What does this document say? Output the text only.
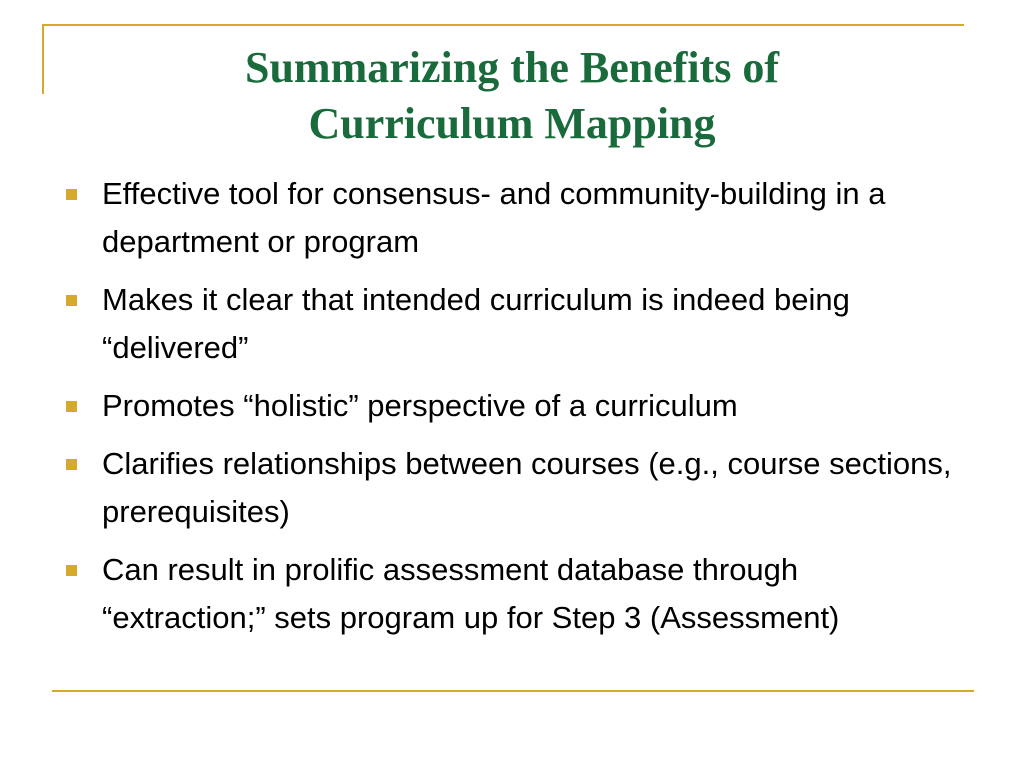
Summarizing the Benefits of
Curriculum Mapping
Effective tool for consensus- and community-building in a department or program
Makes it clear that intended curriculum is indeed being “delivered”
Promotes “holistic” perspective of a curriculum
Clarifies relationships between courses (e.g., course sections, prerequisites)
Can result in prolific assessment database through “extraction;” sets program up for Step 3 (Assessment)
